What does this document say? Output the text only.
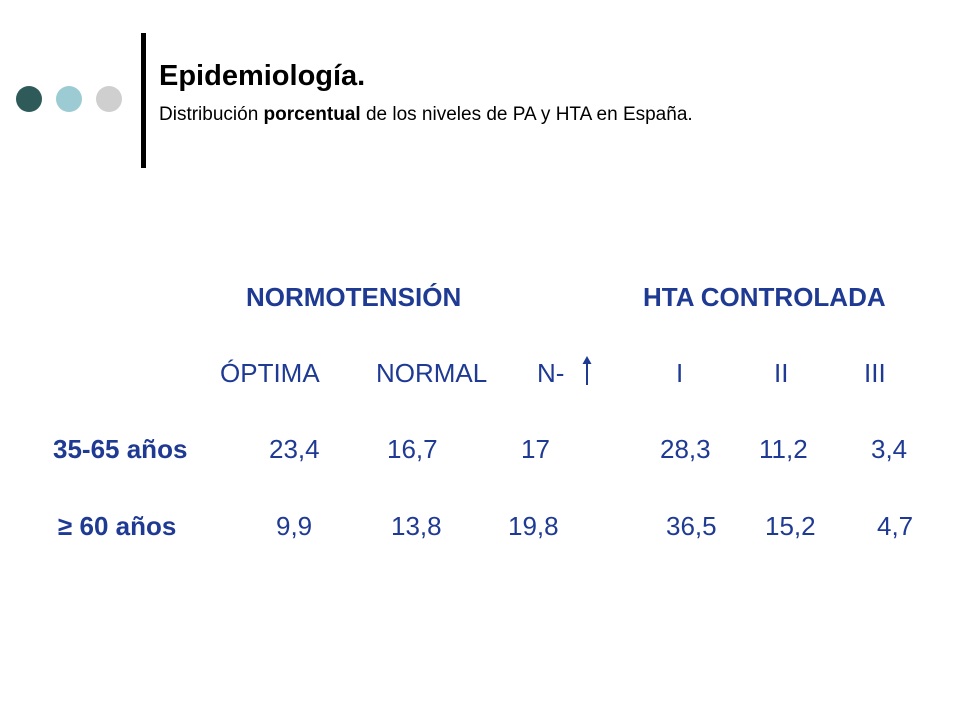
Epidemiología.
Distribución porcentual de los niveles de PA y HTA en España.
NORMOTENSIÓN	HTA CONTROLADA
ÓPTIMA NORMAL N-	I	II	III
35-65 años	23,4	16,7	17	28,3 11,2 3,4
≥ 60 años	9,9	13,8	19,8	36,5 15,2 4,7
